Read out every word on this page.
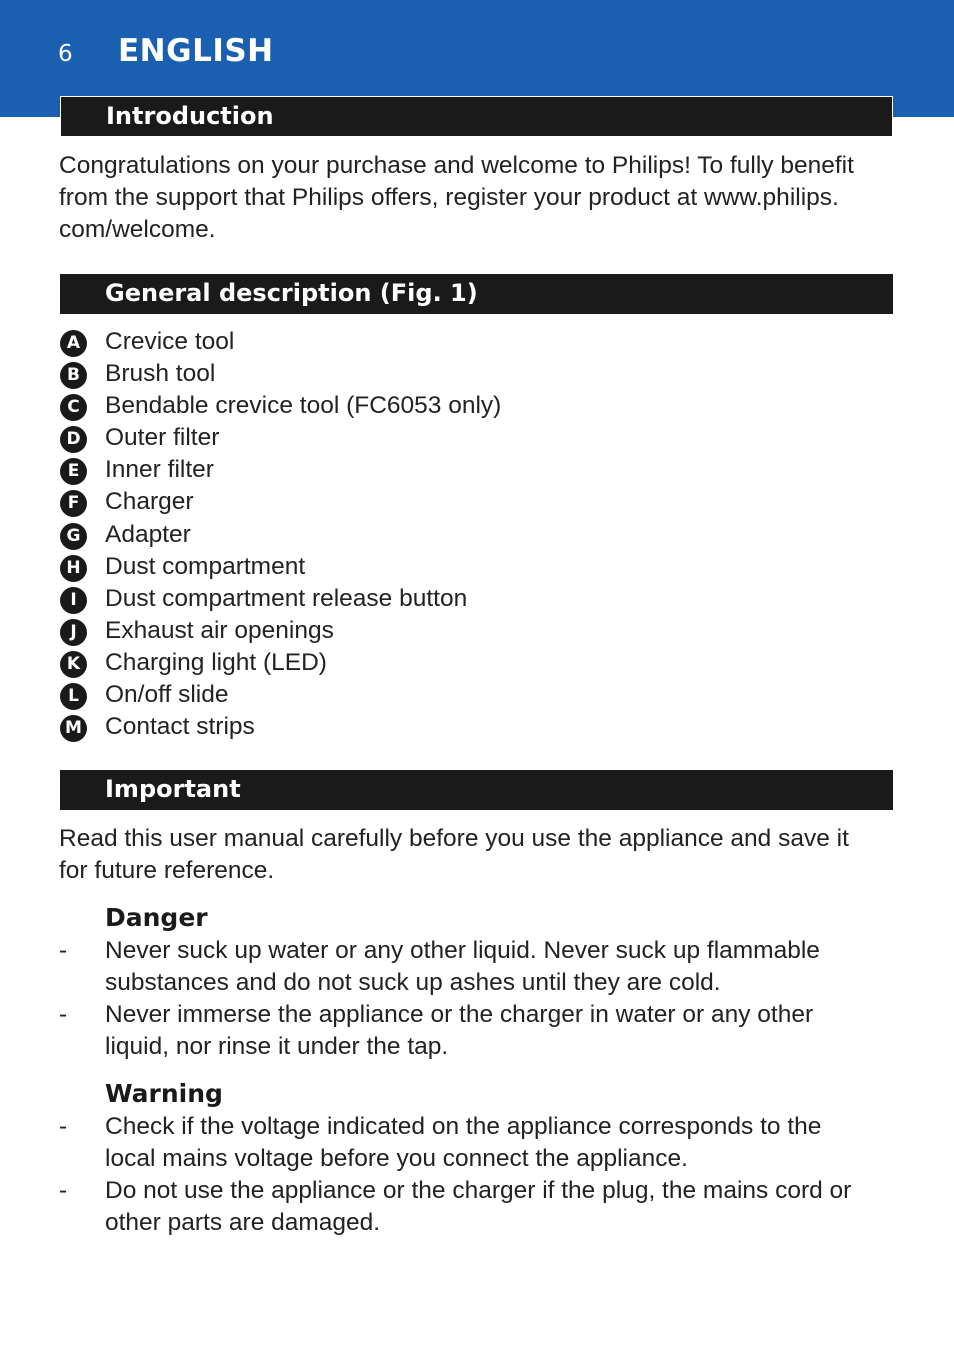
6 ENGLISH
Introduction
Congratulations on your purchase and welcome to Philips! To fully benefit
from the support that Philips offers, register your product at www.philips.
com/welcome.
General description (Fig. 1)
A Crevice tool
B Brush tool
C Bendable crevice tool (FC6053 only)
D Outer filter
E	Inner filter
F	Charger
G Adapter
H Dust compartment
I	Dust compartment release button
J	Exhaust air openings
K Charging light (LED)
L	On/off slide
M Contact strips
Important
Read this user manual carefully before you use the appliance and save it
for future reference.
Danger
- Never suck up water or any other liquid. Never suck up flammable
substances and do not suck up ashes until they are cold.
- Never immerse the appliance or the charger in water or any other
liquid, nor rinse it under the tap.
Warning
- Check if the voltage indicated on the appliance corresponds to the
local mains voltage before you connect the appliance.
- Do not use the appliance or the charger if the plug, the mains cord or
other parts are damaged.
